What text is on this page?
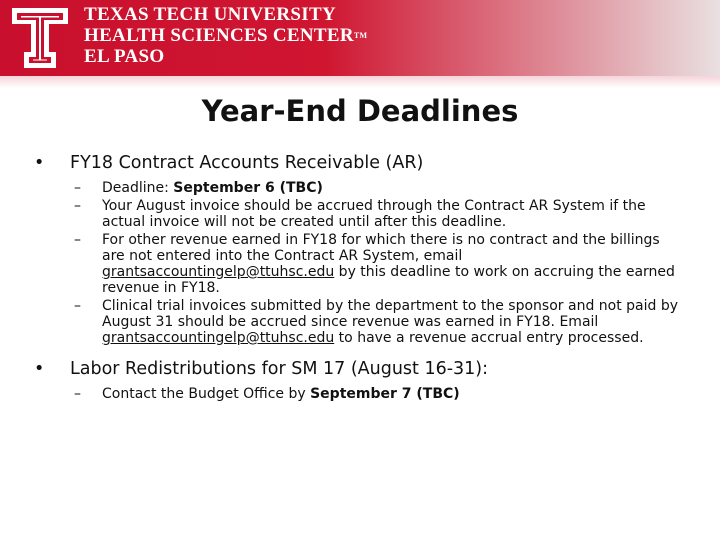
TEXAS TECH UNIVERSITY
HEALTH SCIENCES CENTER™
EL PASO
Year-End Deadlines
• FY18 Contract Accounts Receivable (AR)
– Deadline: September 6 (TBC)
– Your August invoice should be accrued through the Contract AR System if the actual invoice will not be created until after this deadline.
– For other revenue earned in FY18 for which there is no contract and the billings are not entered into the Contract AR System, email grantsaccountingelp@ttuhsc.edu by this deadline to work on accruing the earned revenue in FY18.
– Clinical trial invoices submitted by the department to the sponsor and not paid by August 31 should be accrued since revenue was earned in FY18. Email grantsaccountingelp@ttuhsc.edu to have a revenue accrual entry processed.
• Labor Redistributions for SM 17 (August 16-31):
– Contact the Budget Office by September 7 (TBC)
